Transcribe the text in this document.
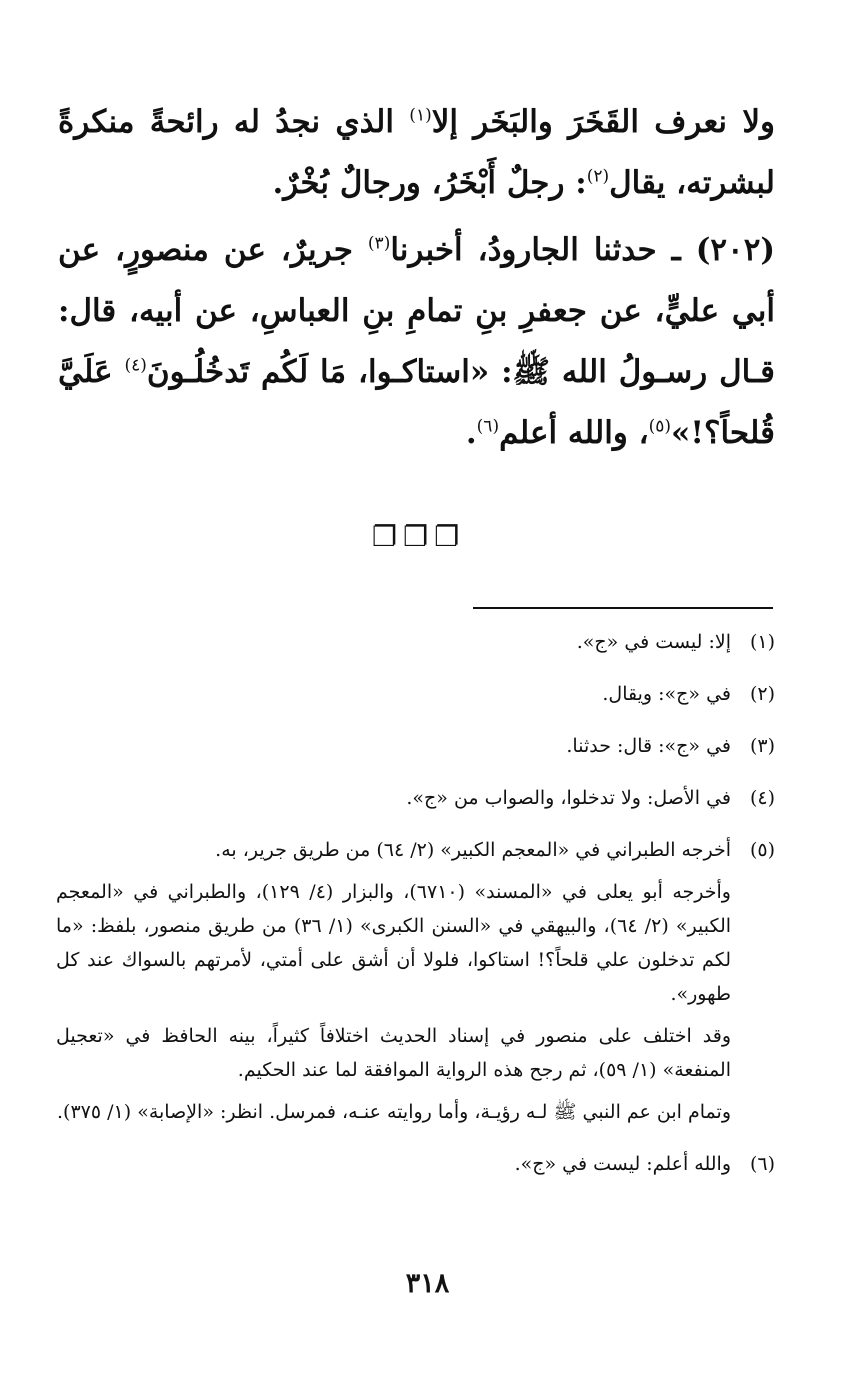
ولا نعرف القَخَرَ والبَخَر إلا$^{(١)}$ الذي نجدُ له رائحةً منكرةً لبشرته، يقال$^{(٢)}$: رجلٌ أَبْخَرُ، ورجالٌ بُخْرٌ.

(٢٠٢) ـ حدثنا الجارودُ، أخبرنا$^{(٣)}$ جريرٌ، عن منصورٍ، عن أبي عليٍّ، عن جعفرِ بنِ تمامِ بنِ العباسِ، عن أبيه، قال: قـال رسـولُ الله ﷺ: «استاكـوا، مَا لَكُم تَدخُلُـونَ$^{(٤)}$ عَلَيَّ قُلحاً؟!»$^{(٥)}$، والله أعلم$^{(٦)}$.

❐❐❐
(١)
إلا: ليست في «ج».
(٢)
في «ج»: ويقال.
(٣)
في «ج»: قال: حدثنا.
(٤)
في الأصل: ولا تدخلوا، والصواب من «ج».
(٥)
أخرجه الطبراني في «المعجم الكبير» (٢/ ٦٤) من طريق جرير، به.
وأخرجه أبو يعلى في «المسند» (٦٧١٠)، والبزار (٤/ ١٢٩)، والطبراني في «المعجم الكبير» (٢/ ٦٤)، والبيهقي في «السنن الكبرى» (١/ ٣٦) من طريق منصور، بلفظ: «ما لكم تدخلون علي قلحاً؟! استاكوا، فلولا أن أشق على أمتي، لأمرتهم بالسواك عند كل طهور».
وقد اختلف على منصور في إسناد الحديث اختلافاً كثيراً، بينه الحافظ في «تعجيل المنفعة» (١/ ٥٩)، ثم رجح هذه الرواية الموافقة لما عند الحكيم.
وتمام ابن عم النبي ﷺ لـه رؤيـة، وأما روايته عنـه، فمرسل. انظر: «الإصابة» (١/ ٣٧٥).
(٦)
والله أعلم: ليست في «ج».
٣١٨
